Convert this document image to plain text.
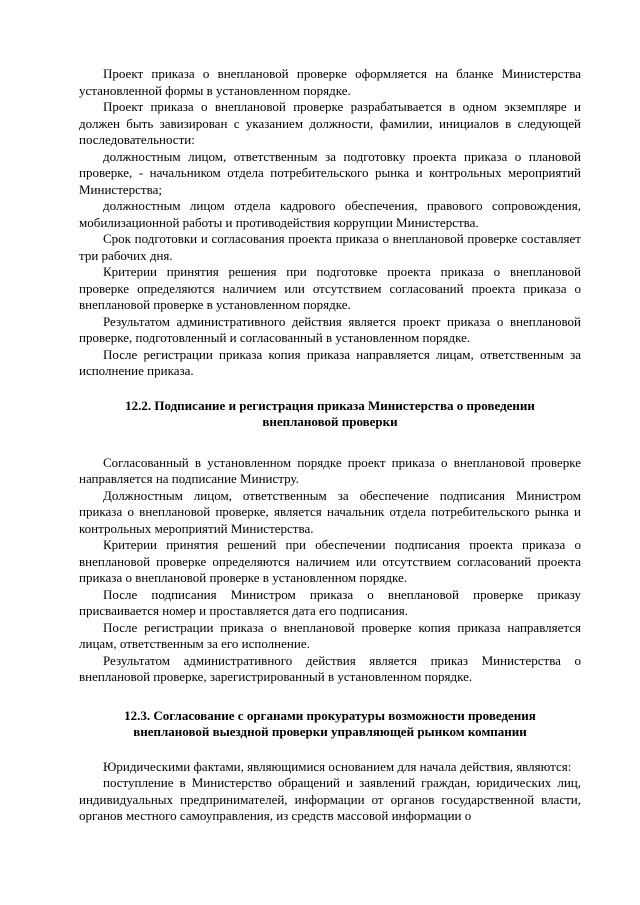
Проект приказа о внеплановой проверке оформляется на бланке Министерства установленной формы в установленном порядке.

Проект приказа о внеплановой проверке разрабатывается в одном экземпляре и должен быть завизирован с указанием должности, фамилии, инициалов в следующей последовательности:

должностным лицом, ответственным за подготовку проекта приказа о плановой проверке, - начальником отдела потребительского рынка и контрольных мероприятий Министерства;

должностным лицом отдела кадрового обеспечения, правового сопровождения, мобилизационной работы и противодействия коррупции Министерства.

Срок подготовки и согласования проекта приказа о внеплановой проверке составляет три рабочих дня.

Критерии принятия решения при подготовке проекта приказа о внеплановой проверке определяются наличием или отсутствием согласований проекта приказа о внеплановой проверке в установленном порядке.

Результатом административного действия является проект приказа о внеплановой проверке, подготовленный и согласованный в установленном порядке.

После регистрации приказа копия приказа направляется лицам, ответственным за исполнение приказа.

12.2. Подписание и регистрация приказа Министерства о проведении внеплановой проверки

Согласованный в установленном порядке проект приказа о внеплановой проверке направляется на подписание Министру.

Должностным лицом, ответственным за обеспечение подписания Министром приказа о внеплановой проверке, является начальник отдела потребительского рынка и контрольных мероприятий Министерства.

Критерии принятия решений при обеспечении подписания проекта приказа о внеплановой проверке определяются наличием или отсутствием согласований проекта приказа о внеплановой проверке в установленном порядке.

После подписания Министром приказа о внеплановой проверке приказу присваивается номер и проставляется дата его подписания.

После регистрации приказа о внеплановой проверке копия приказа направляется лицам, ответственным за его исполнение.

Результатом административного действия является приказ Министерства о внеплановой проверке, зарегистрированный в установленном порядке.

12.3. Согласование с органами прокуратуры возможности проведения внеплановой выездной проверки управляющей рынком компании

Юридическими фактами, являющимися основанием для начала действия, являются:

поступление в Министерство обращений и заявлений граждан, юридических лиц, индивидуальных предпринимателей, информации от органов государственной власти, органов местного самоуправления, из средств массовой информации о
